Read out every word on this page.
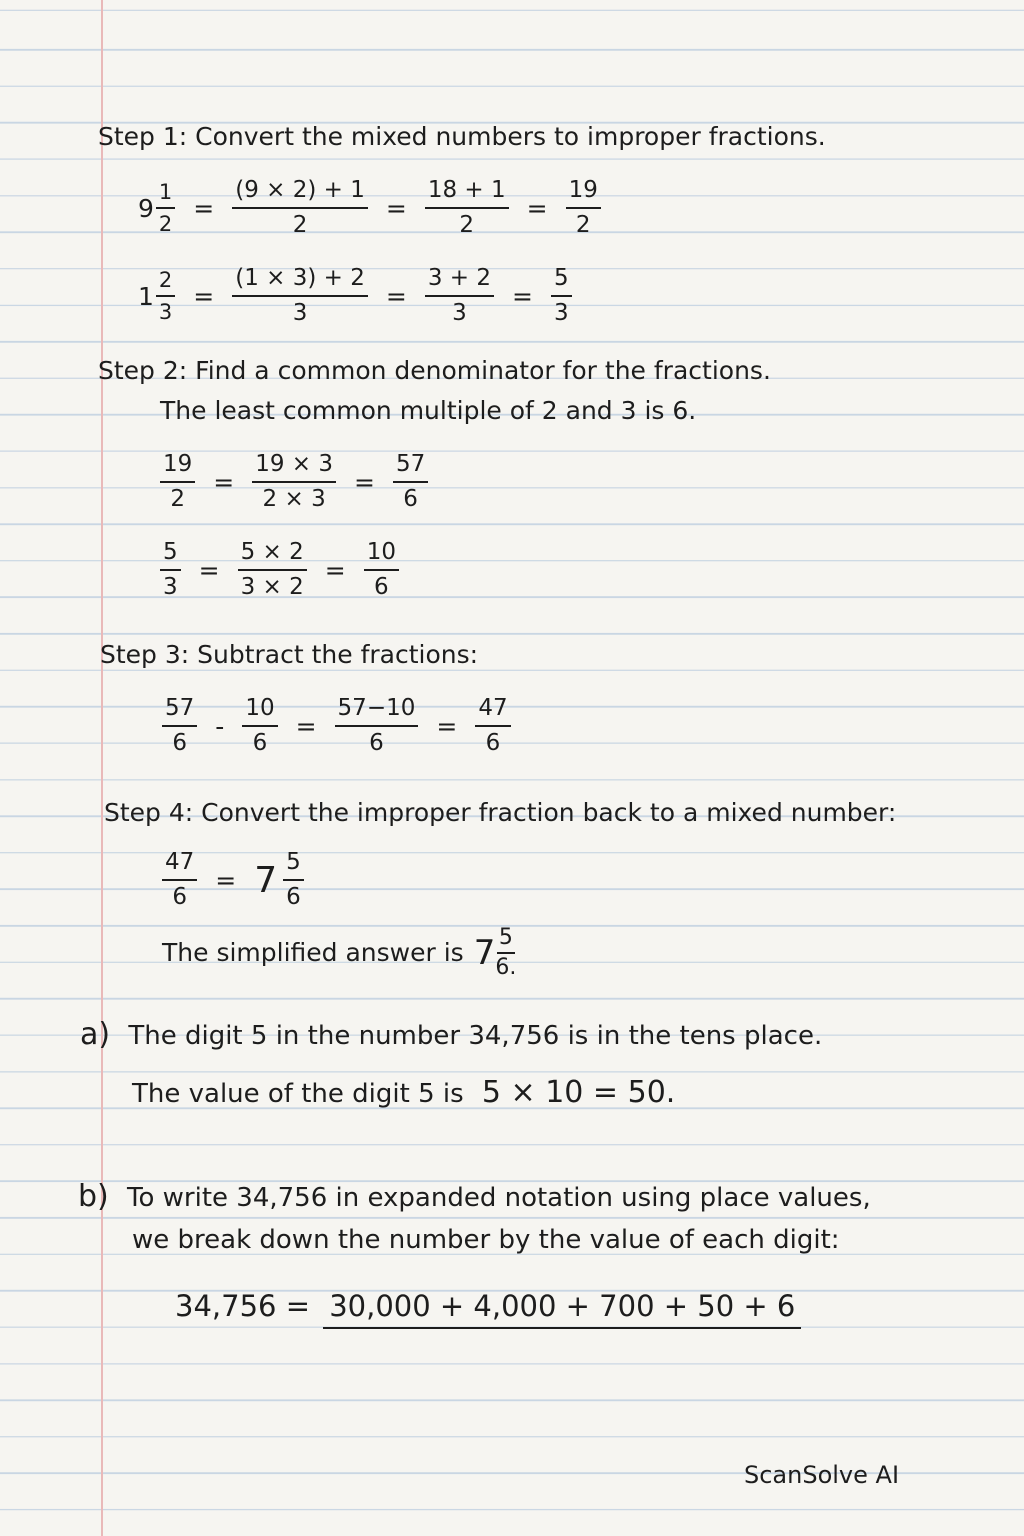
Step 1: Convert the mixed numbers to improper fractions.
$9 \frac{1}{2} = \frac{(9 \times 2) + 1}{2} = \frac{18 + 1}{2} = \frac{19}{2}$
$1 \frac{2}{3} = \frac{(1 \times 3) + 2}{3} = \frac{3 + 2}{3} = \frac{5}{3}$
Step 2: Find a common denominator for the fractions.
The least common multiple of 2 and 3 is 6.
$\frac{19}{2} = \frac{19 \times 3}{2 \times 3} = \frac{57}{6}$
$\frac{5}{3} = \frac{5 \times 2}{3 \times 2} = \frac{10}{6}$
Step 3: Subtract the fractions:
$\frac{57}{6} - \frac{10}{6} = \frac{57-10}{6} = \frac{47}{6}$
Step 4: Convert the improper fraction back to a mixed number:
$\frac{47}{6} = 7 \frac{5}{6}$
The simplified answer is $7 \frac{5}{6.}$
a) The digit 5 in the number 34,756 is in the tens place.
The value of the digit 5 is 5 × 10 = 50.
b) To write 34,756 in expanded notation using place values,
we break down the number by the value of each digit:
34,756 = 30,000 + 4,000 + 700 + 50 + 6
ScanSolve AI
